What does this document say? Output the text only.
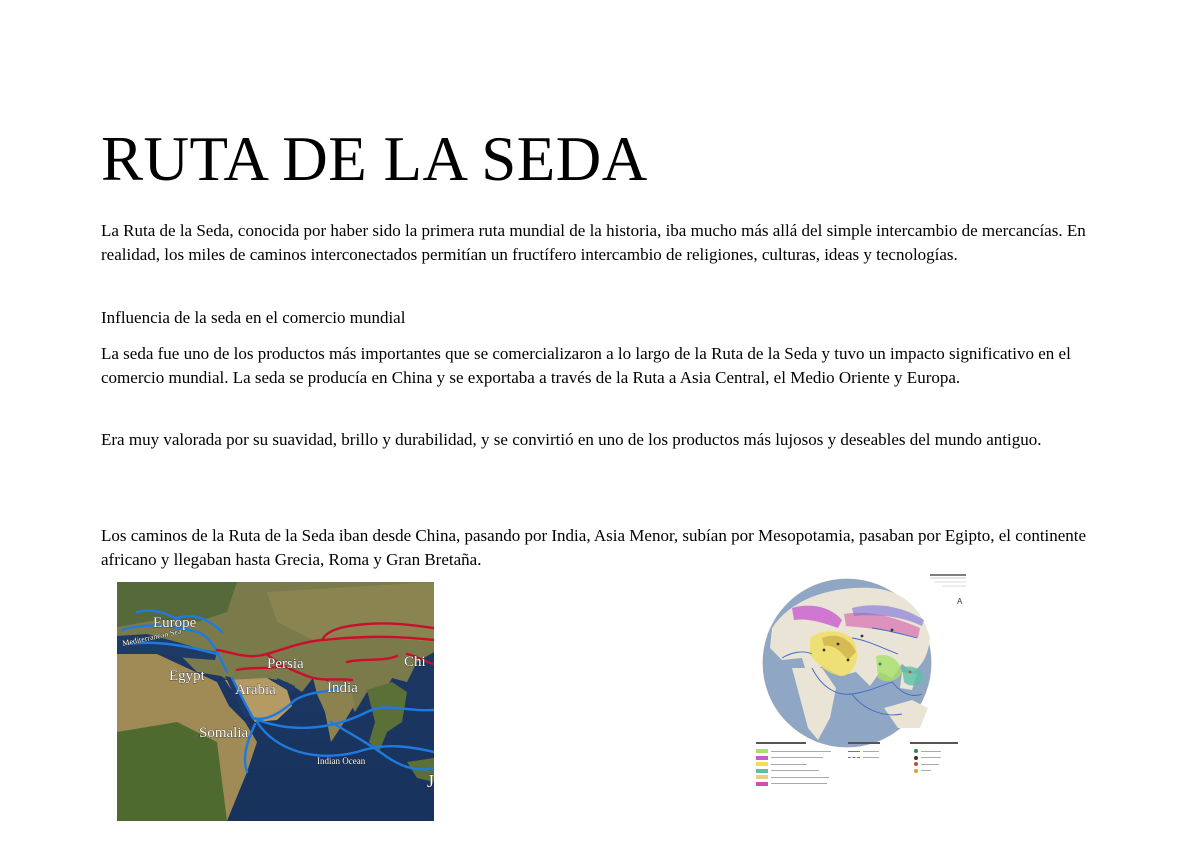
RUTA DE LA SEDA

La Ruta de la Seda, conocida por haber sido la primera ruta mundial de la historia, iba mucho más allá del simple intercambio de mercancías. En realidad, los miles de caminos interconectados permitían un fructífero intercambio de religiones, culturas, ideas y tecnologías.

Influencia de la seda en el comercio mundial

La seda fue uno de los productos más importantes que se comercializaron a lo largo de la Ruta de la Seda y tuvo un impacto significativo en el comercio mundial. La seda se producía en China y se exportaba a través de la Ruta a Asia Central, el Medio Oriente y Europa.

Era muy valorada por su suavidad, brillo y durabilidad, y se convirtió en uno de los productos más lujosos y deseables del mundo antiguo.

Los caminos de la Ruta de la Seda iban desde China, pasando por India, Asia Menor, subían por Mesopotamia, pasaban por Egipto, el continente africano y llegaban hasta Grecia, Roma y Gran Bretaña.

Europe
Mediterranean Sea
Egypt
Persia
Arabia	India
Chi
Somalia
Indian Ocean
J
A
